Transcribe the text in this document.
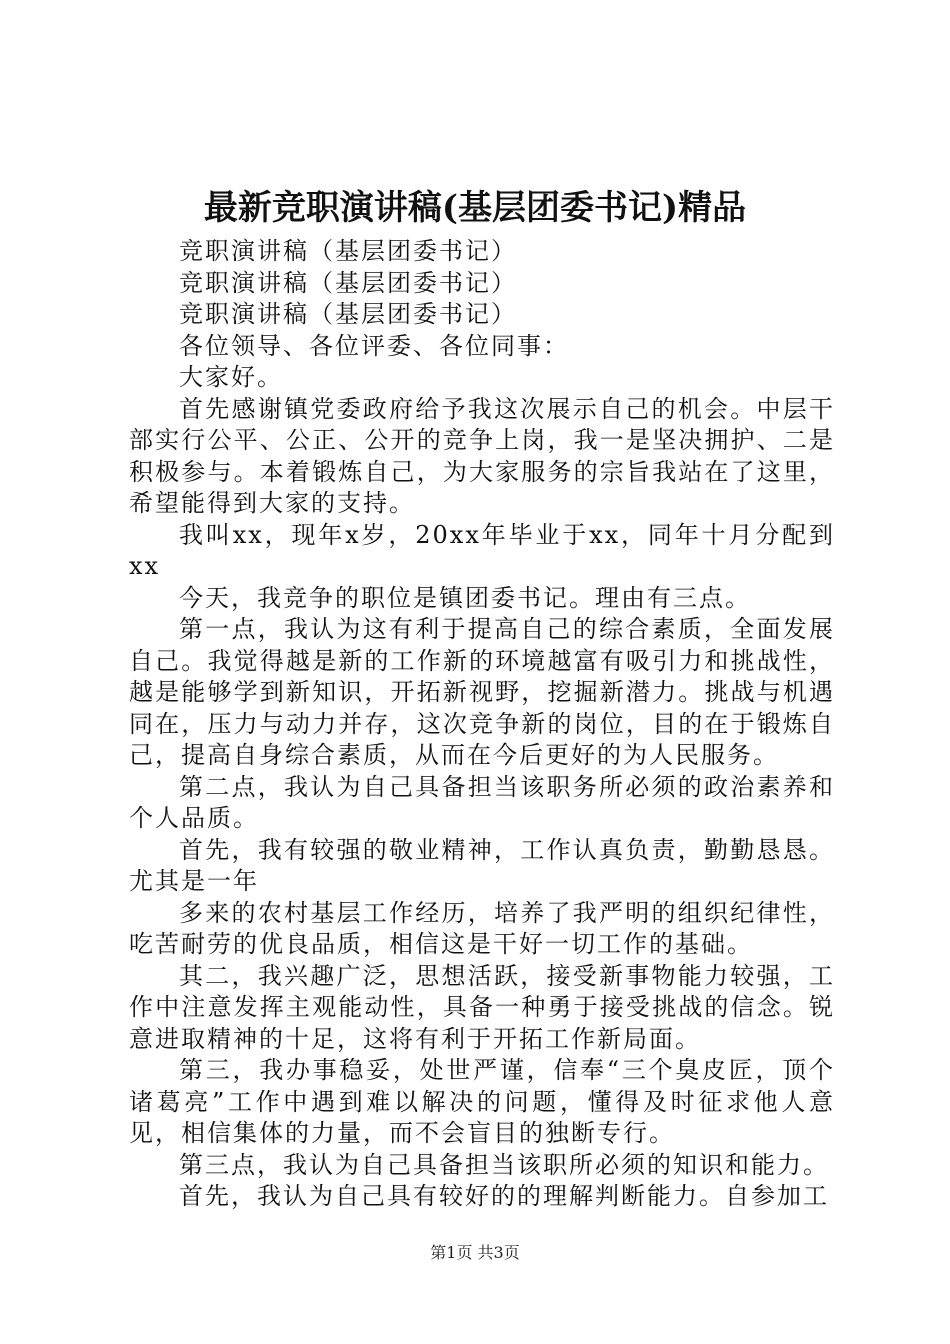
最新竞职演讲稿(基层团委书记)精品

竞职演讲稿（基层团委书记）

竞职演讲稿（基层团委书记）

竞职演讲稿（基层团委书记）

各位领导、各位评委、各位同事：

大家好。

首先感谢镇党委政府给予我这次展示自己的机会。中层干部实行公平、公正、公开的竞争上岗，我一是坚决拥护、二是积极参与。本着锻炼自己，为大家服务的宗旨我站在了这里，希望能得到大家的支持。

我叫xx，现年x岁，20xx年毕业于xx，同年十月分配到xx

今天，我竞争的职位是镇团委书记。理由有三点。

第一点，我认为这有利于提高自己的综合素质，全面发展自己。我觉得越是新的工作新的环境越富有吸引力和挑战性，越是能够学到新知识，开拓新视野，挖掘新潜力。挑战与机遇同在，压力与动力并存，这次竞争新的岗位，目的在于锻炼自己，提高自身综合素质，从而在今后更好的为人民服务。

第二点，我认为自己具备担当该职务所必须的政治素养和个人品质。

首先，我有较强的敬业精神，工作认真负责，勤勤恳恳。尤其是一年

多来的农村基层工作经历，培养了我严明的组织纪律性，吃苦耐劳的优良品质，相信这是干好一切工作的基础。

其二，我兴趣广泛，思想活跃，接受新事物能力较强，工作中注意发挥主观能动性，具备一种勇于接受挑战的信念。锐意进取精神的十足，这将有利于开拓工作新局面。

第三，我办事稳妥，处世严谨，信奉“三个臭皮匠，顶个诸葛亮”工作中遇到难以解决的问题，懂得及时征求他人意见，相信集体的力量，而不会盲目的独断专行。

第三点，我认为自己具备担当该职所必须的知识和能力。

首先，我认为自己具有较好的的理解判断能力。自参加工

第1页 共3页
